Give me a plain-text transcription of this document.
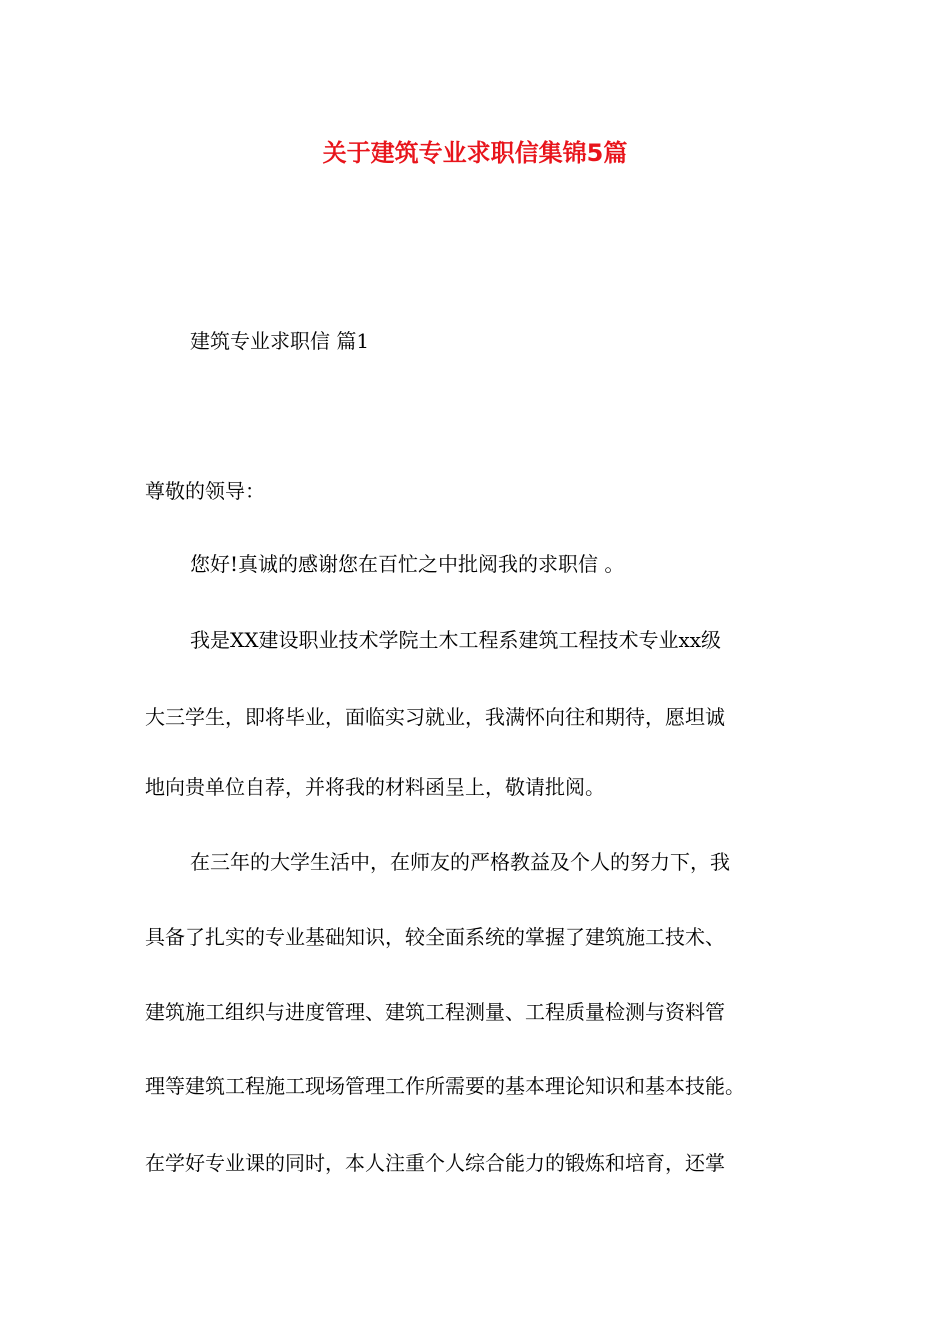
关于建筑专业求职信集锦5篇

建筑专业求职信 篇1

尊敬的领导：

您好!真诚的感谢您在百忙之中批阅我的求职信 。

我是XX建设职业技术学院土木工程系建筑工程技术专业xx级

大三学生，即将毕业，面临实习就业，我满怀向往和期待，愿坦诚

地向贵单位自荐，并将我的材料函呈上，敬请批阅。

在三年的大学生活中，在师友的严格教益及个人的努力下，我

具备了扎实的专业基础知识，较全面系统的掌握了建筑施工技术、

建筑施工组织与进度管理、建筑工程测量、工程质量检测与资料管

理等建筑工程施工现场管理工作所需要的基本理论知识和基本技能。

在学好专业课的同时，本人注重个人综合能力的锻炼和培育，还掌
